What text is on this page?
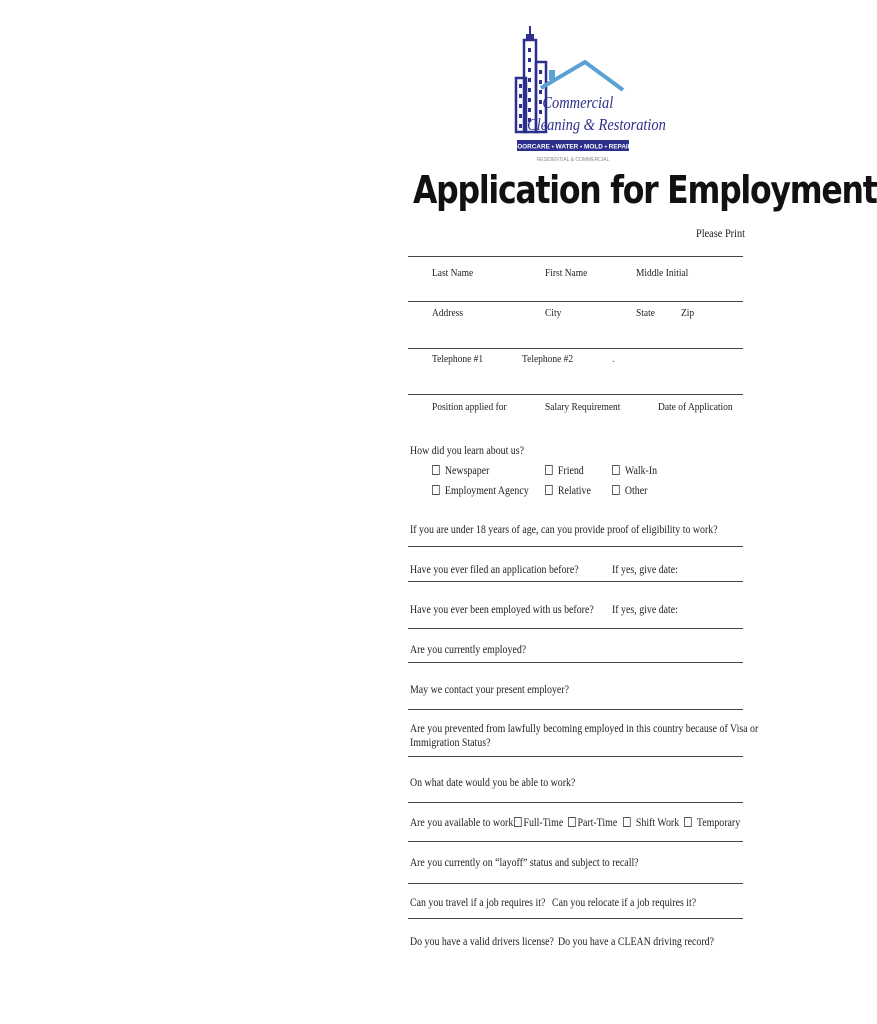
FLOORCARE • WATER • MOLD • REPAIRS
RESIDENTIAL & COMMERCIAL
Commercial
Cleaning & Restoration
Application for Employment
Please Print
Last Name	First Name	Middle Initial
Address	City	State Zip
Telephone #1	Telephone #2	.
Position applied for	Salary Requirement	Date of Application
How did you learn about us?
Newspaper	Friend	Walk-In
Employment Agency	Relative	Other
If you are under 18 years of age, can you provide proof of eligibility to work?
Have you ever filed an application before?	If yes, give date:
Have you ever been employed with us before? If yes, give date:
Are you currently employed?
May we contact your present employer?
Are you prevented from lawfully becoming employed in this country because of Visa or
Immigration Status?
On what date would you be able to work?
Are you available to work: Full-Time	Part-Time	Shift Work	Temporary
Are you currently on “layoff” status and subject to recall?
Can you travel if a job requires it? Can you relocate if a job requires it?
Do you have a valid drivers license? Do you have a CLEAN driving record?
